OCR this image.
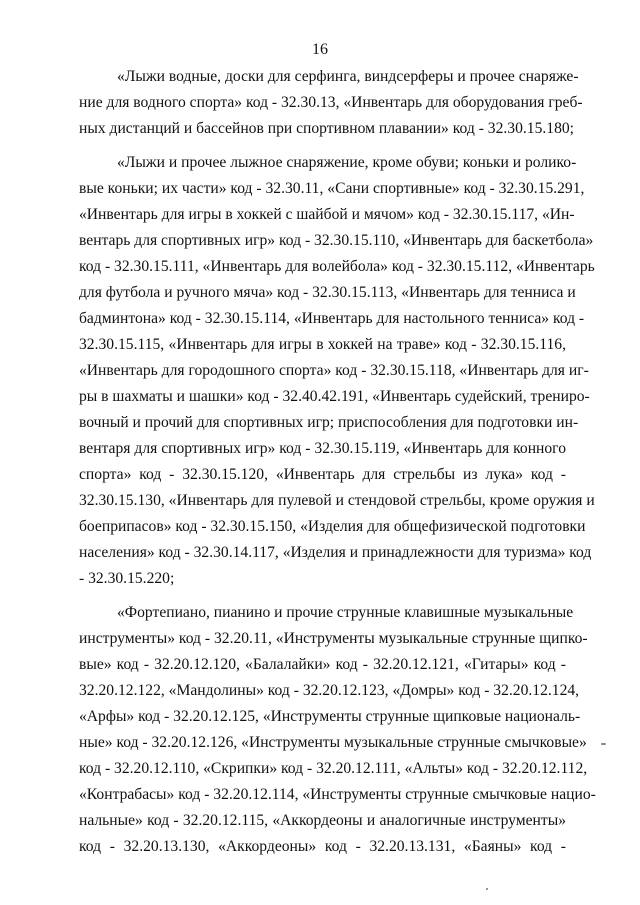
16

«Лыжи водные, доски для серфинга, виндсерферы и прочее снаряже-
ние для водного спорта» код - 32.30.13, «Инвентарь для оборудования греб-
ных дистанций и бассейнов при спортивном плавании» код - 32.30.15.180;

«Лыжи и прочее лыжное снаряжение, кроме обуви; коньки и ролико-
вые коньки; их части» код - 32.30.11, «Сани спортивные» код - 32.30.15.291,
«Инвентарь для игры в хоккей с шайбой и мячом» код - 32.30.15.117, «Ин-
вентарь для спортивных игр» код - 32.30.15.110, «Инвентарь для баскетбола»
код - 32.30.15.111, «Инвентарь для волейбола» код - 32.30.15.112, «Инвентарь
для футбола и ручного мяча» код - 32.30.15.113, «Инвентарь для тенниса и
бадминтона» код - 32.30.15.114, «Инвентарь для настольного тенниса» код -
32.30.15.115, «Инвентарь для игры в хоккей на траве» код - 32.30.15.116,
«Инвентарь для городошного спорта» код - 32.30.15.118, «Инвентарь для иг-
ры в шахматы и шашки» код - 32.40.42.191, «Инвентарь судейский, трениро-
вочный и прочий для спортивных игр; приспособления для подготовки ин-
вентаря для спортивных игр» код - 32.30.15.119, «Инвентарь для конного
спорта» код - 32.30.15.120, «Инвентарь для стрельбы из лука» код -
32.30.15.130, «Инвентарь для пулевой и стендовой стрельбы, кроме оружия и
боеприпасов» код - 32.30.15.150, «Изделия для общефизической подготовки
населения» код - 32.30.14.117, «Изделия и принадлежности для туризма» код
- 32.30.15.220;

«Фортепиано, пианино и прочие струнные клавишные музыкальные
инструменты» код - 32.20.11, «Инструменты музыкальные струнные щипко-
вые» код - 32.20.12.120, «Балалайки» код - 32.20.12.121, «Гитары» код -
32.20.12.122, «Мандолины» код - 32.20.12.123, «Домры» код - 32.20.12.124,
«Арфы» код - 32.20.12.125, «Инструменты струнные щипковые националь-
ные» код - 32.20.12.126, «Инструменты музыкальные струнные смычковые»
код - 32.20.12.110, «Скрипки» код - 32.20.12.111, «Альты» код - 32.20.12.112,
«Контрабасы» код - 32.20.12.114, «Инструменты струнные смычковые нацио-
нальные» код - 32.20.12.115, «Аккордеоны и аналогичные инструменты»
код - 32.20.13.130, «Аккордеоны» код - 32.20.13.131, «Баяны» код -
